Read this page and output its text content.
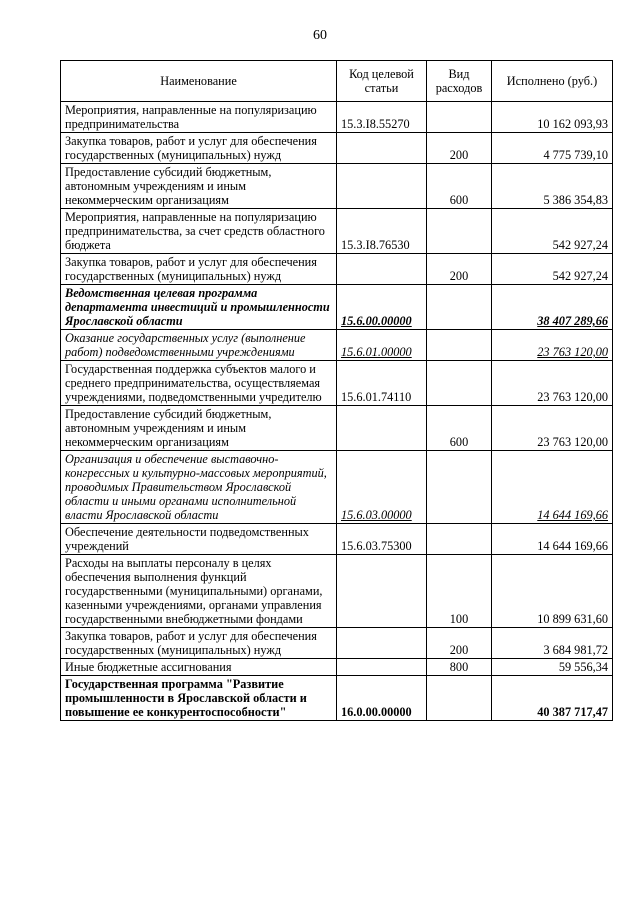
60
Наименование	Код целевой статьи	Вид расходов	Исполнено (руб.)
Мероприятия, направленные на популяризацию предпринимательства	15.3.I8.55270		10 162 093,93
Закупка товаров, работ и услуг для обеспечения государственных (муниципальных) нужд		200	4 775 739,10
Предоставление субсидий бюджетным, автономным учреждениям и иным некоммерческим организациям		600	5 386 354,83
Мероприятия, направленные на популяризацию предпринимательства, за счет средств областного бюджета	15.3.I8.76530		542 927,24
Закупка товаров, работ и услуг для обеспечения государственных (муниципальных) нужд		200	542 927,24
Ведомственная целевая программа департамента инвестиций и промышленности Ярославской области	15.6.00.00000		38 407 289,66
Оказание государственных услуг (выполнение работ) подведомственными учреждениями	15.6.01.00000		23 763 120,00
Государственная поддержка субъектов малого и среднего предпринимательства, осуществляемая учреждениями, подведомственными учредителю	15.6.01.74110		23 763 120,00
Предоставление субсидий бюджетным, автономным учреждениям и иным некоммерческим организациям		600	23 763 120,00
Организация и обеспечение выставочно-конгрессных и культурно-массовых мероприятий, проводимых Правительством Ярославской области и иными органами исполнительной власти Ярославской области	15.6.03.00000		14 644 169,66
Обеспечение деятельности подведомственных учреждений	15.6.03.75300		14 644 169,66
Расходы на выплаты персоналу в целях обеспечения выполнения функций государственными (муниципальными) органами, казенными учреждениями, органами управления государственными внебюджетными фондами		100	10 899 631,60
Закупка товаров, работ и услуг для обеспечения государственных (муниципальных) нужд		200	3 684 981,72
Иные бюджетные ассигнования		800	59 556,34
Государственная программа "Развитие промышленности в Ярославской области и повышение ее конкурентоспособности"	16.0.00.00000		40 387 717,47
